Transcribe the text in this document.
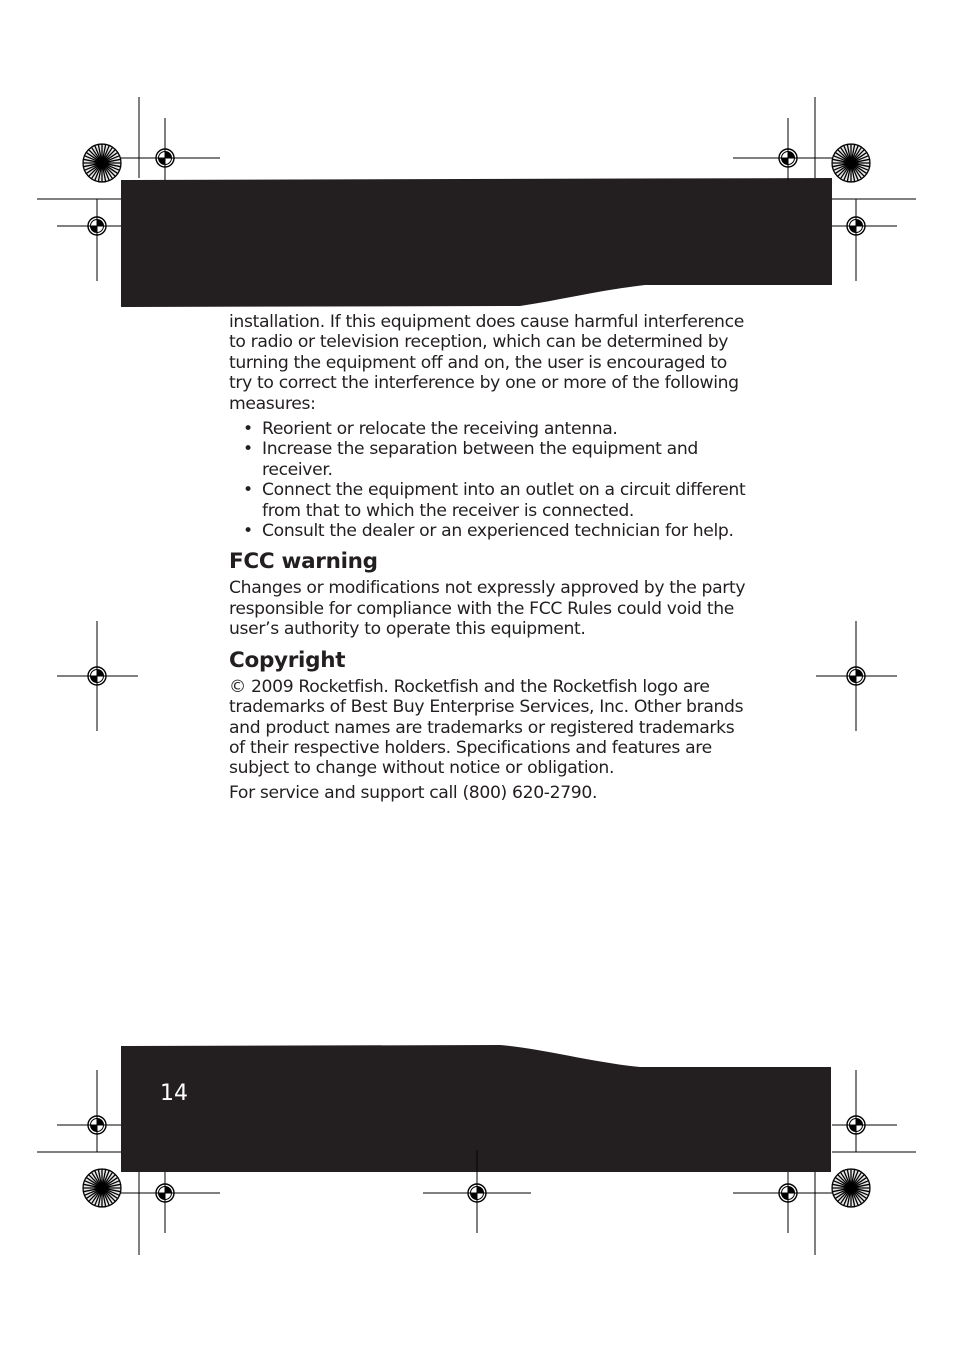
installation. If this equipment does cause harmful interference to radio or television reception, which can be determined by turning the equipment off and on, the user is encouraged to try to correct the interference by one or more of the following measures:

• Reorient or relocate the receiving antenna.
• Increase the separation between the equipment and receiver.
• Connect the equipment into an outlet on a circuit different from that to which the receiver is connected.
• Consult the dealer or an experienced technician for help.
FCC warning

Changes or modifications not expressly approved by the party responsible for compliance with the FCC Rules could void the user’s authority to operate this equipment.

Copyright

© 2009 Rocketfish. Rocketfish and the Rocketfish logo are trademarks of Best Buy Enterprise Services, Inc. Other brands and product names are trademarks or registered trademarks of their respective holders. Specifications and features are subject to change without notice or obligation.

For service and support call (800) 620-2790.

14
